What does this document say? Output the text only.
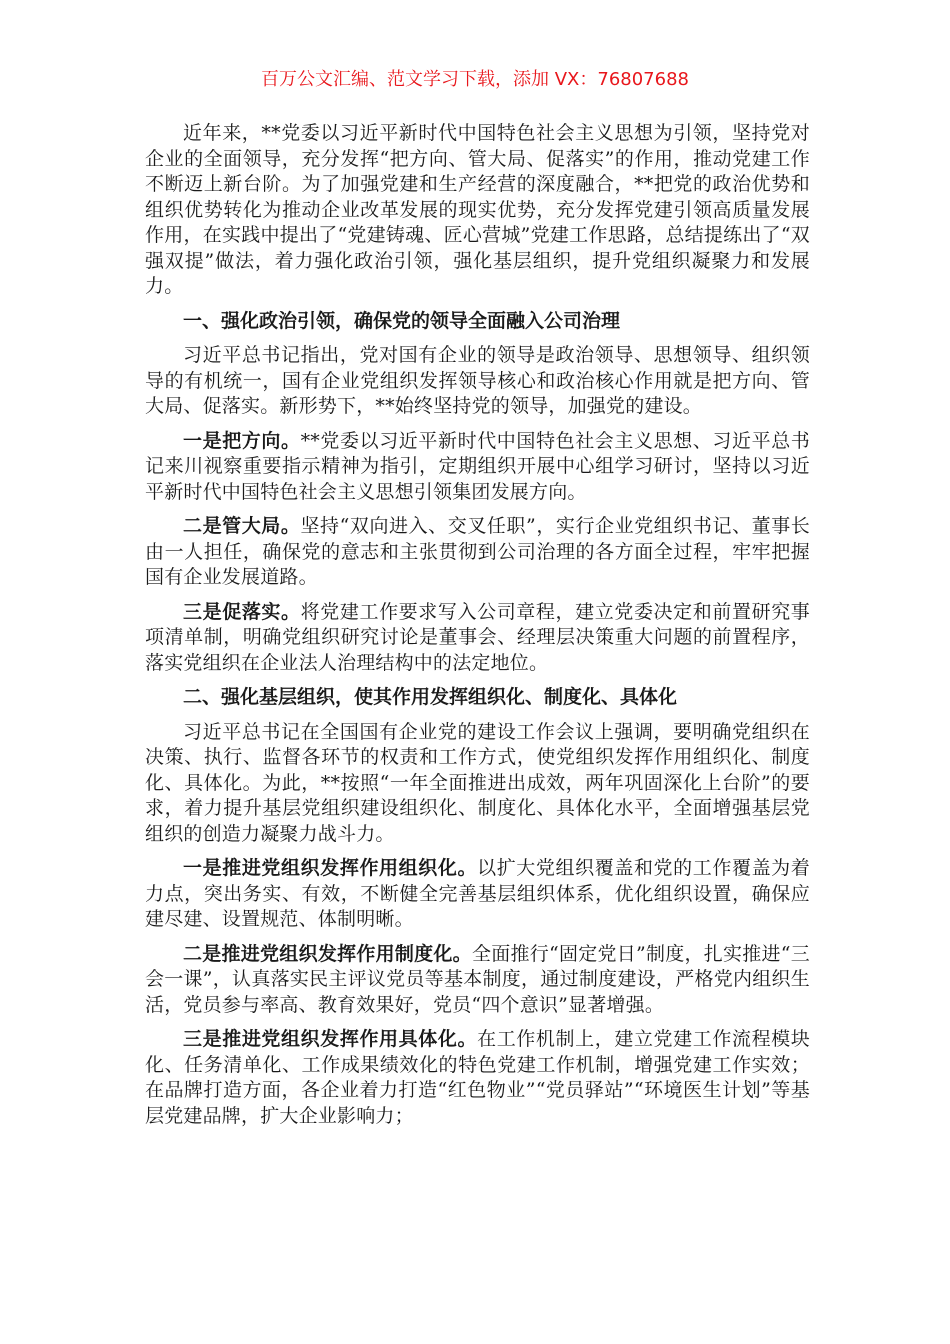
百万公文汇编、范文学习下载，添加 VX：76807688

近年来，**党委以习近平新时代中国特色社会主义思想为引领，坚持党对企业的全面领导，充分发挥“把方向、管大局、促落实”的作用，推动党建工作不断迈上新台阶。为了加强党建和生产经营的深度融合，**把党的政治优势和组织优势转化为推动企业改革发展的现实优势，充分发挥党建引领高质量发展作用，在实践中提出了“党建铸魂、匠心营城”党建工作思路，总结提练出了“双强双提”做法，着力强化政治引领，强化基层组织，提升党组织凝聚力和发展力。

一、强化政治引领，确保党的领导全面融入公司治理

习近平总书记指出，党对国有企业的领导是政治领导、思想领导、组织领导的有机统一，国有企业党组织发挥领导核心和政治核心作用就是把方向、管大局、促落实。新形势下，**始终坚持党的领导，加强党的建设。

一是把方向。**党委以习近平新时代中国特色社会主义思想、习近平总书记来川视察重要指示精神为指引，定期组织开展中心组学习研讨，坚持以习近平新时代中国特色社会主义思想引领集团发展方向。

二是管大局。坚持“双向进入、交叉任职”，实行企业党组织书记、董事长由一人担任，确保党的意志和主张贯彻到公司治理的各方面全过程，牢牢把握国有企业发展道路。

三是促落实。将党建工作要求写入公司章程，建立党委决定和前置研究事项清单制，明确党组织研究讨论是董事会、经理层决策重大问题的前置程序，落实党组织在企业法人治理结构中的法定地位。

二、强化基层组织，使其作用发挥组织化、制度化、具体化

习近平总书记在全国国有企业党的建设工作会议上强调，要明确党组织在决策、执行、监督各环节的权责和工作方式，使党组织发挥作用组织化、制度化、具体化。为此，**按照“一年全面推进出成效，两年巩固深化上台阶”的要求，着力提升基层党组织建设组织化、制度化、具体化水平，全面增强基层党组织的创造力凝聚力战斗力。

一是推进党组织发挥作用组织化。以扩大党组织覆盖和党的工作覆盖为着力点，突出务实、有效，不断健全完善基层组织体系，优化组织设置，确保应建尽建、设置规范、体制明晰。

二是推进党组织发挥作用制度化。全面推行“固定党日”制度，扎实推进“三会一课”，认真落实民主评议党员等基本制度，通过制度建设，严格党内组织生活，党员参与率高、教育效果好，党员“四个意识”显著增强。

三是推进党组织发挥作用具体化。在工作机制上，建立党建工作流程模块化、任务清单化、工作成果绩效化的特色党建工作机制，增强党建工作实效；在品牌打造方面，各企业着力打造“红色物业”“党员驿站”“环境医生计划”等基层党建品牌，扩大企业影响力；
